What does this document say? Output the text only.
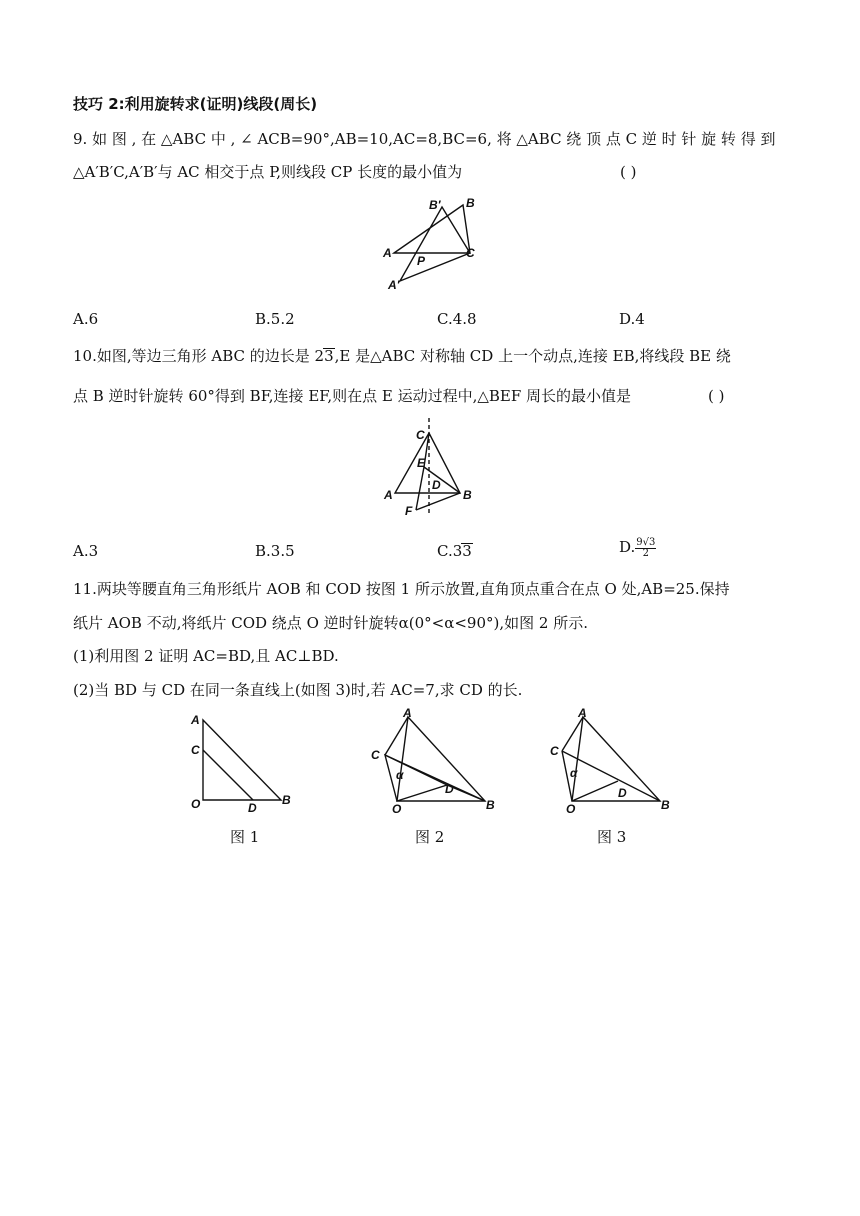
技巧 2:利用旋转求(证明)线段(周长)
9. 如 图 , 在 △ABC 中 , ∠ ACB=90°,AB=10,AC=8,BC=6, 将 △ABC 绕 顶 点 C 逆 时 针 旋 转 得 到
△A′B′C,A′B′与 AC 相交于点 P,则线段 CP 长度的最小值为	( )
B′ B
A	C
P
A′
A.6	B.5.2	C.4.8	D.4
10.如图,等边三角形 ABC 的边长是 23,E 是△ABC 对称轴 CD 上一个动点,连接 EB,将线段 BE 绕
点 B 逆时针旋转 60°得到 BF,连接 EF,则在点 E 运动过程中,△BEF 周长的最小值是	( )
C
E
D
A	B
F
A.3	B.3.5	C.33	D. $\frac{9√3}{2}$
11.两块等腰直角三角形纸片 AOB 和 COD 按图 1 所示放置,直角顶点重合在点 O 处,AB=25.保持
纸片 AOB 不动,将纸片 COD 绕点 O 逆时针旋转α(0°<α<90°),如图 2 所示.
(1)利用图 2 证明 AC=BD,且 AC⊥BD.
(2)当 BD 与 CD 在同一条直线上(如图 3)时,若 AC=7,求 CD 的长.
A
C
O	D
B
A
C
α
D
O	B
A
C
α
D
O	B
图 1	图 2	图 3
